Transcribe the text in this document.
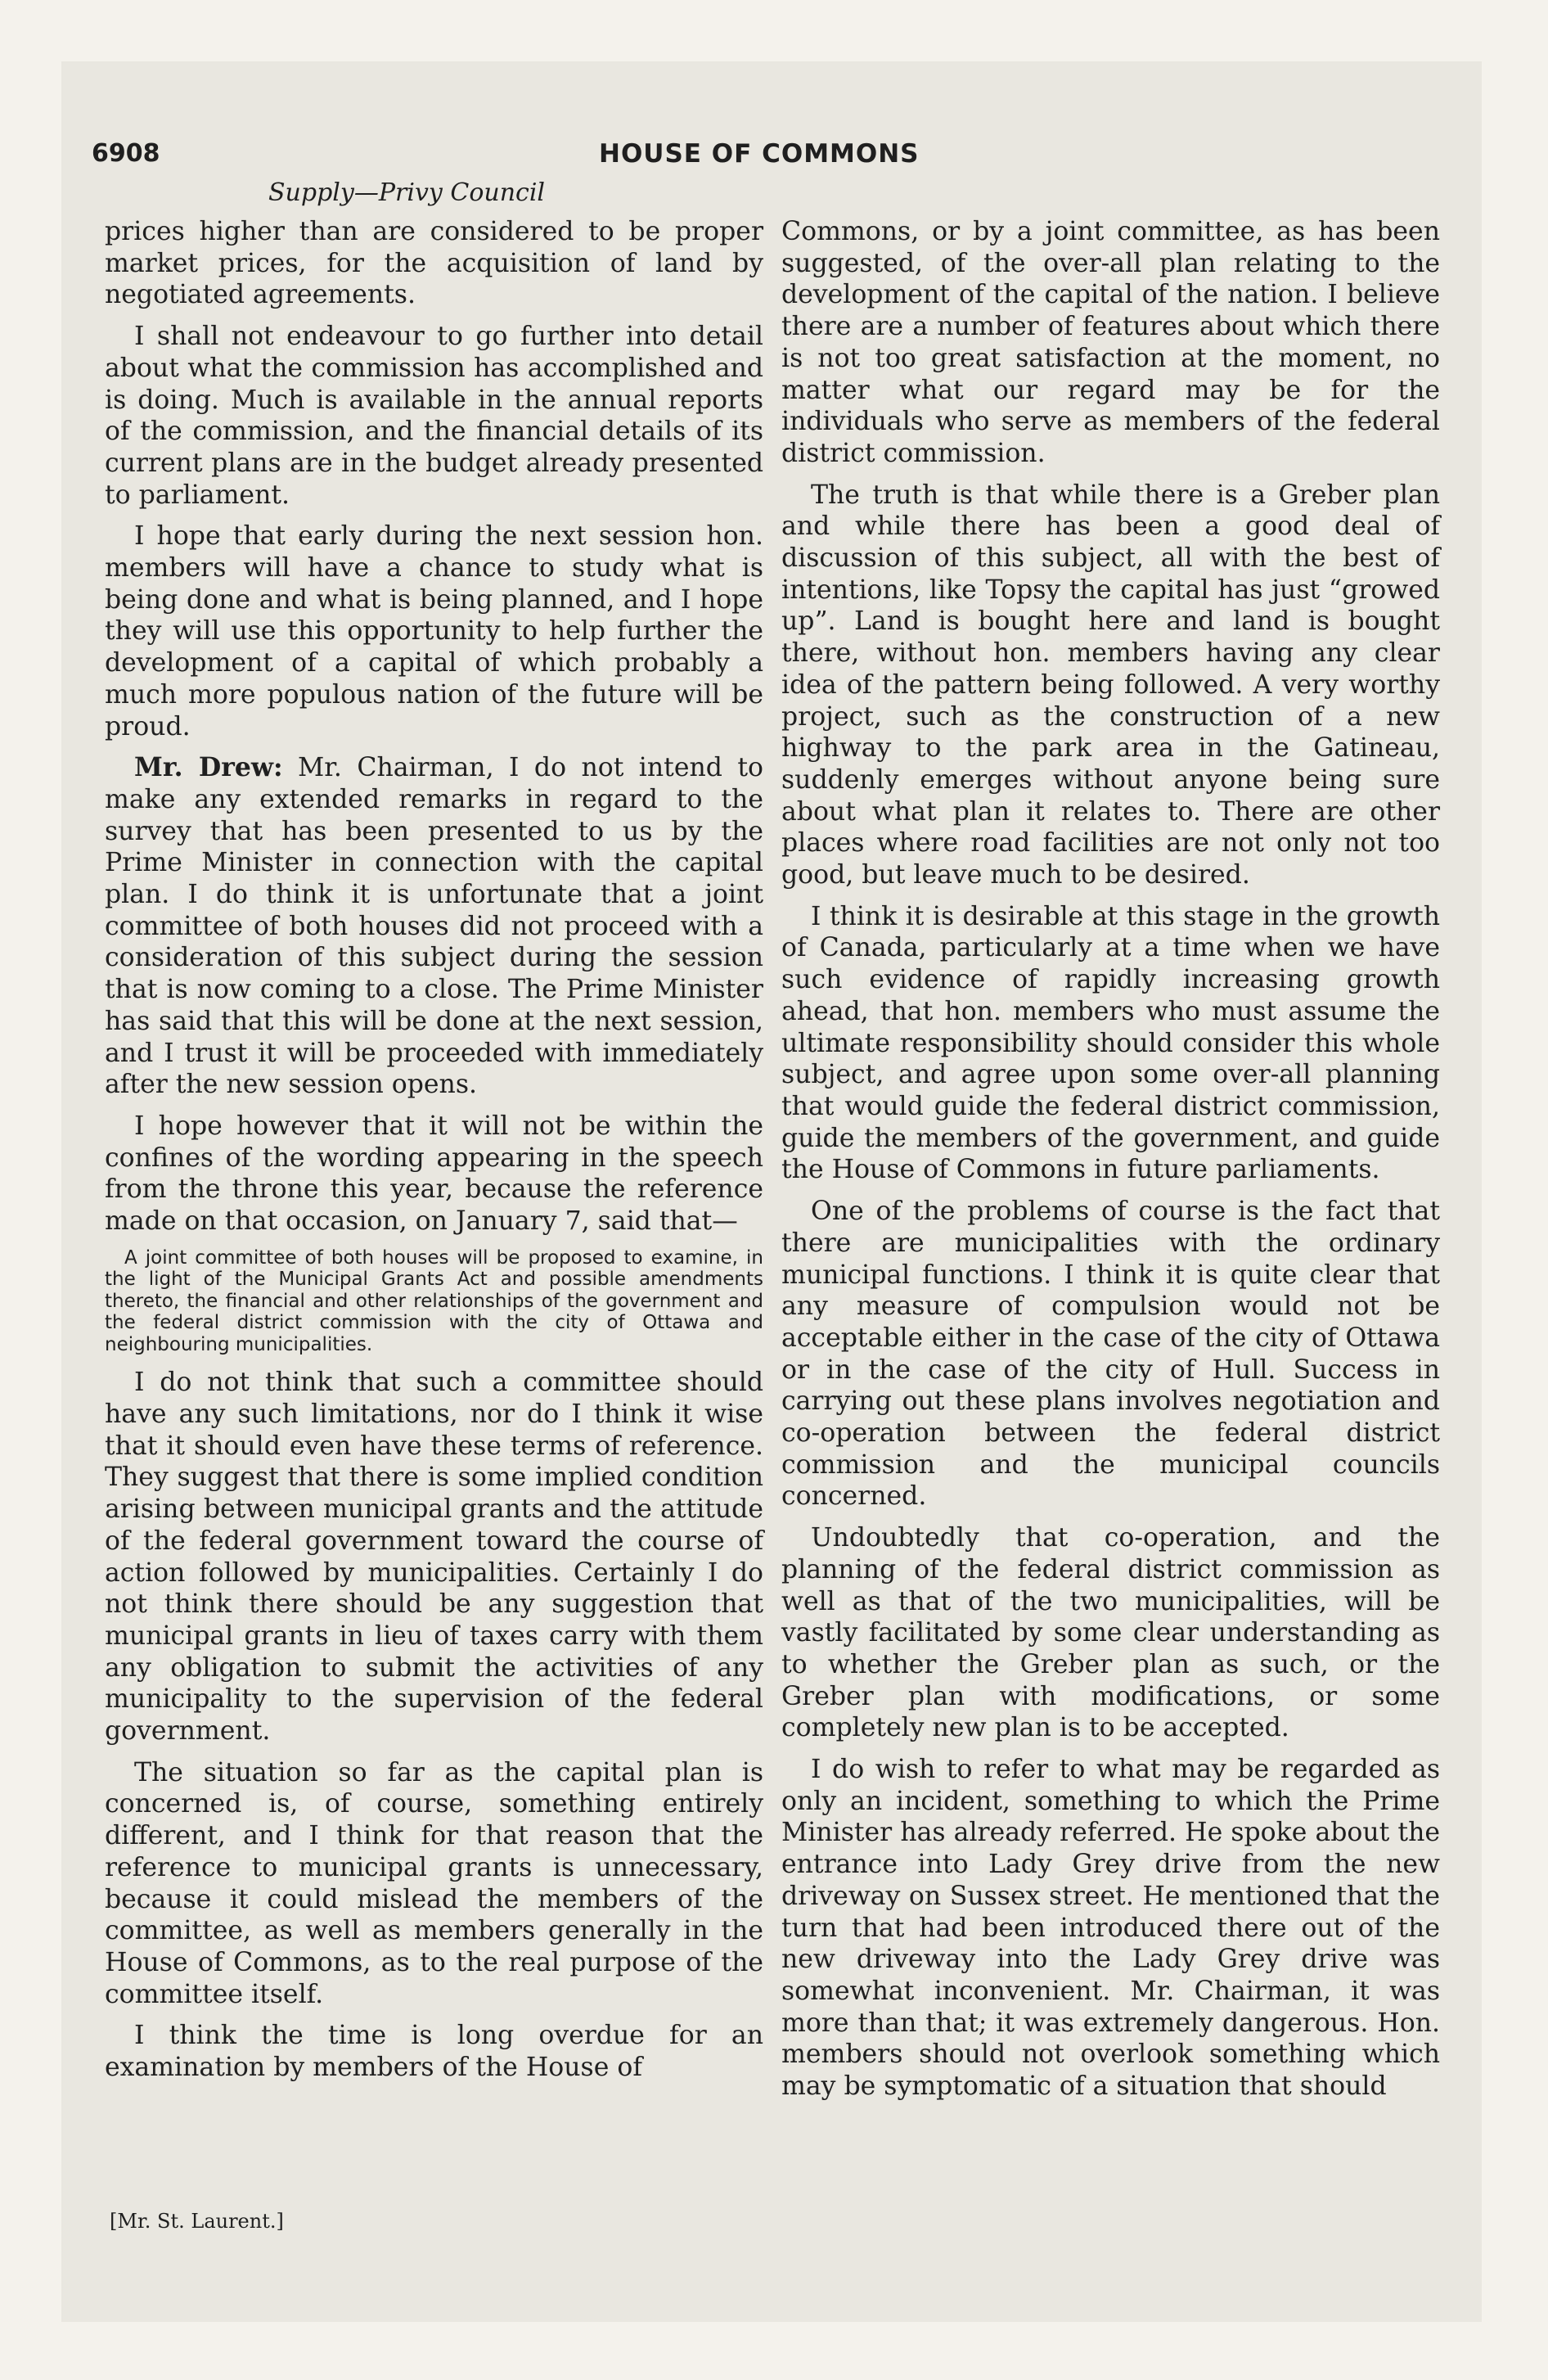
6908	HOUSE OF COMMONS
Supply—Privy Council

prices higher than are considered to be proper market prices, for the acquisition of land by negotiated agreements.

I shall not endeavour to go further into detail about what the commission has accomplished and is doing. Much is available in the annual reports of the commission, and the financial details of its current plans are in the budget already presented to parliament.

I hope that early during the next session hon. members will have a chance to study what is being done and what is being planned, and I hope they will use this opportunity to help further the development of a capital of which probably a much more populous nation of the future will be proud.

Mr. Drew: Mr. Chairman, I do not intend to make any extended remarks in regard to the survey that has been presented to us by the Prime Minister in connection with the capital plan. I do think it is unfortunate that a joint committee of both houses did not proceed with a consideration of this subject during the session that is now coming to a close. The Prime Minister has said that this will be done at the next session, and I trust it will be proceeded with immediately after the new session opens.

I hope however that it will not be within the confines of the wording appearing in the speech from the throne this year, because the reference made on that occasion, on January 7, said that—

A joint committee of both houses will be proposed to examine, in the light of the Municipal Grants Act and possible amendments thereto, the financial and other relationships of the government and the federal district commission with the city of Ottawa and neighbouring municipalities.

I do not think that such a committee should have any such limitations, nor do I think it wise that it should even have these terms of reference. They suggest that there is some implied condition arising between municipal grants and the attitude of the federal government toward the course of action followed by municipalities. Certainly I do not think there should be any suggestion that municipal grants in lieu of taxes carry with them any obligation to submit the activities of any municipality to the supervision of the federal government.

The situation so far as the capital plan is concerned is, of course, something entirely different, and I think for that reason that the reference to municipal grants is unnecessary, because it could mislead the members of the committee, as well as members generally in the House of Commons, as to the real purpose of the committee itself.

I think the time is long overdue for an examination by members of the House of

[Mr. St. Laurent.]

Commons, or by a joint committee, as has been suggested, of the over-all plan relating to the development of the capital of the nation. I believe there are a number of features about which there is not too great satisfaction at the moment, no matter what our regard may be for the individuals who serve as members of the federal district commission.

The truth is that while there is a Greber plan and while there has been a good deal of discussion of this subject, all with the best of intentions, like Topsy the capital has just “growed up”. Land is bought here and land is bought there, without hon. members having any clear idea of the pattern being followed. A very worthy project, such as the construction of a new highway to the park area in the Gatineau, suddenly emerges without anyone being sure about what plan it relates to. There are other places where road facilities are not only not too good, but leave much to be desired.

I think it is desirable at this stage in the growth of Canada, particularly at a time when we have such evidence of rapidly increasing growth ahead, that hon. members who must assume the ultimate responsibility should consider this whole subject, and agree upon some over-all planning that would guide the federal district commission, guide the members of the government, and guide the House of Commons in future parliaments.

One of the problems of course is the fact that there are municipalities with the ordinary municipal functions. I think it is quite clear that any measure of compulsion would not be acceptable either in the case of the city of Ottawa or in the case of the city of Hull. Success in carrying out these plans involves negotiation and co-operation between the federal district commission and the municipal councils concerned.

Undoubtedly that co-operation, and the planning of the federal district commission as well as that of the two municipalities, will be vastly facilitated by some clear understanding as to whether the Greber plan as such, or the Greber plan with modifications, or some completely new plan is to be accepted.

I do wish to refer to what may be regarded as only an incident, something to which the Prime Minister has already referred. He spoke about the entrance into Lady Grey drive from the new driveway on Sussex street. He mentioned that the turn that had been introduced there out of the new driveway into the Lady Grey drive was somewhat inconvenient. Mr. Chairman, it was more than that; it was extremely dangerous. Hon. members should not overlook something which may be symptomatic of a situation that should
